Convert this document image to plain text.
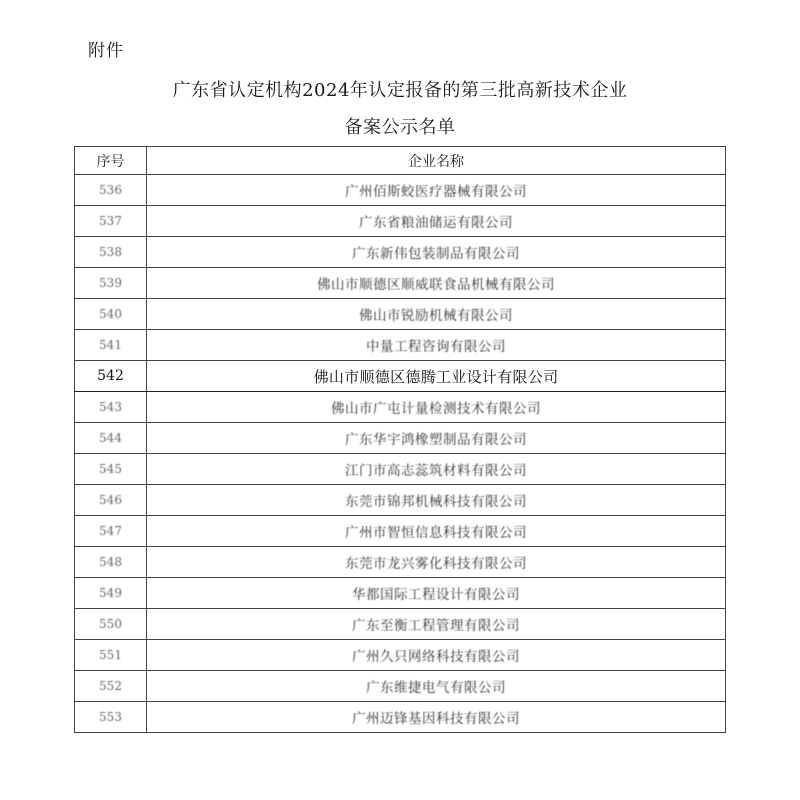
附件
广东省认定机构2024年认定报备的第三批高新技术企业
备案公示名单
序号	企业名称
536	广州佰斯蛟医疗器械有限公司
537	广东省粮油储运有限公司
538	广东新伟包装制品有限公司
539	佛山市顺德区顺威联食品机械有限公司
540	佛山市锐励机械有限公司
541	中量工程咨询有限公司
542	佛山市顺德区德腾工业设计有限公司
543	佛山市广屯计量检测技术有限公司
544	广东华宇鸿橡塑制品有限公司
545	江门市高志蕊筑材料有限公司
546	东莞市锦邦机械科技有限公司
547	广州市智恒信息科技有限公司
548	东莞市龙兴雾化科技有限公司
549	华都国际工程设计有限公司
550	广东至衡工程管理有限公司
551	广州久只网络科技有限公司
552	广东维捷电气有限公司
553	广州迈锋基因科技有限公司
